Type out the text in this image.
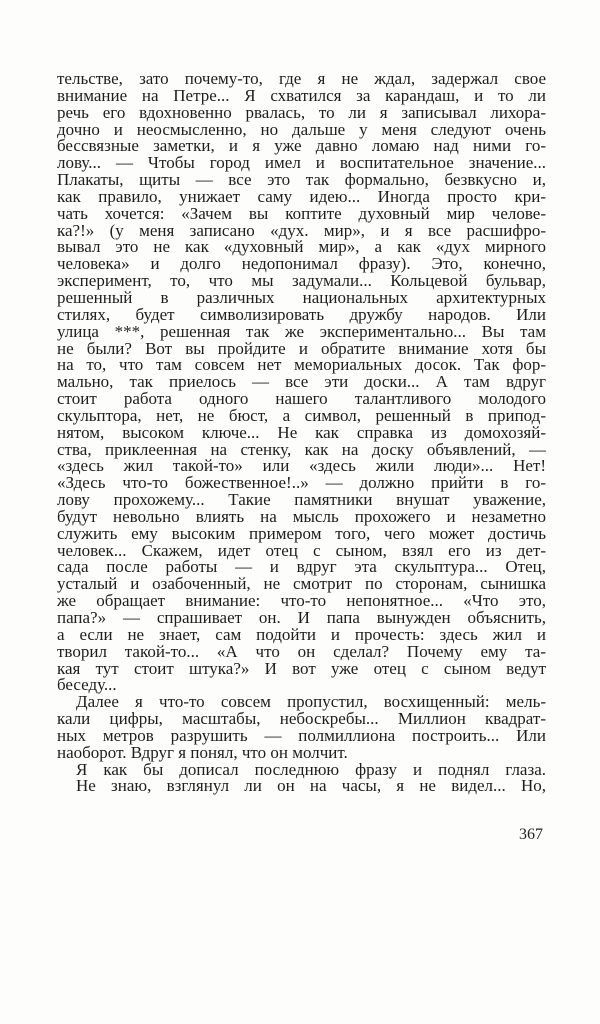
тельстве, зато почему-то, где я не ждал, задержал свое
внимание на Петре... Я схватился за карандаш, и то ли
речь его вдохновенно рвалась, то ли я записывал лихора-
дочно и неосмысленно, но дальше у меня следуют очень
бессвязные заметки, и я уже давно ломаю над ними го-
лову... — Чтобы город имел и воспитательное значение...
Плакаты, щиты — все это так формально, безвкусно и,
как правило, унижает саму идею... Иногда просто кри-
чать хочется: «Зачем вы коптите духовный мир челове-
ка?!» (у меня записано «дух. мир», и я все расшифро-
вывал это не как «духовный мир», а как «дух мирного
человека» и долго недопонимал фразу). Это, конечно,
эксперимент, то, что мы задумали... Кольцевой бульвар,
решенный в различных национальных архитектурных
стилях, будет символизировать дружбу народов. Или
улица ***, решенная так же экспериментально... Вы там
не были? Вот вы пройдите и обратите внимание хотя бы
на то, что там совсем нет мемориальных досок. Так фор-
мально, так приелось — все эти доски... А там вдруг
стоит работа одного нашего талантливого молодого
скульптора, нет, не бюст, а символ, решенный в припод-
нятом, высоком ключе... Не как справка из домохозяй-
ства, приклеенная на стенку, как на доску объявлений, —
«здесь жил такой-то» или «здесь жили люди»... Нет!
«Здесь что-то божественное!..» — должно прийти в го-
лову прохожему... Такие памятники внушат уважение,
будут невольно влиять на мысль прохожего и незаметно
служить ему высоким примером того, чего может достичь
человек... Скажем, идет отец с сыном, взял его из дет-
сада после работы — и вдруг эта скульптура... Отец,
усталый и озабоченный, не смотрит по сторонам, сынишка
же обращает внимание: что-то непонятное... «Что это,
папа?» — спрашивает он. И папа вынужден объяснить,
а если не знает, сам подойти и прочесть: здесь жил и
творил такой-то... «А что он сделал? Почему ему та-
кая тут стоит штука?» И вот уже отец с сыном ведут
беседу...
Далее я что-то совсем пропустил, восхищенный: мель-
кали цифры, масштабы, небоскребы... Миллион квадрат-
ных метров разрушить — полмиллиона построить... Или
наоборот. Вдруг я понял, что он молчит.
Я как бы дописал последнюю фразу и поднял глаза.
Не знаю, взглянул ли он на часы, я не видел... Но,
367
